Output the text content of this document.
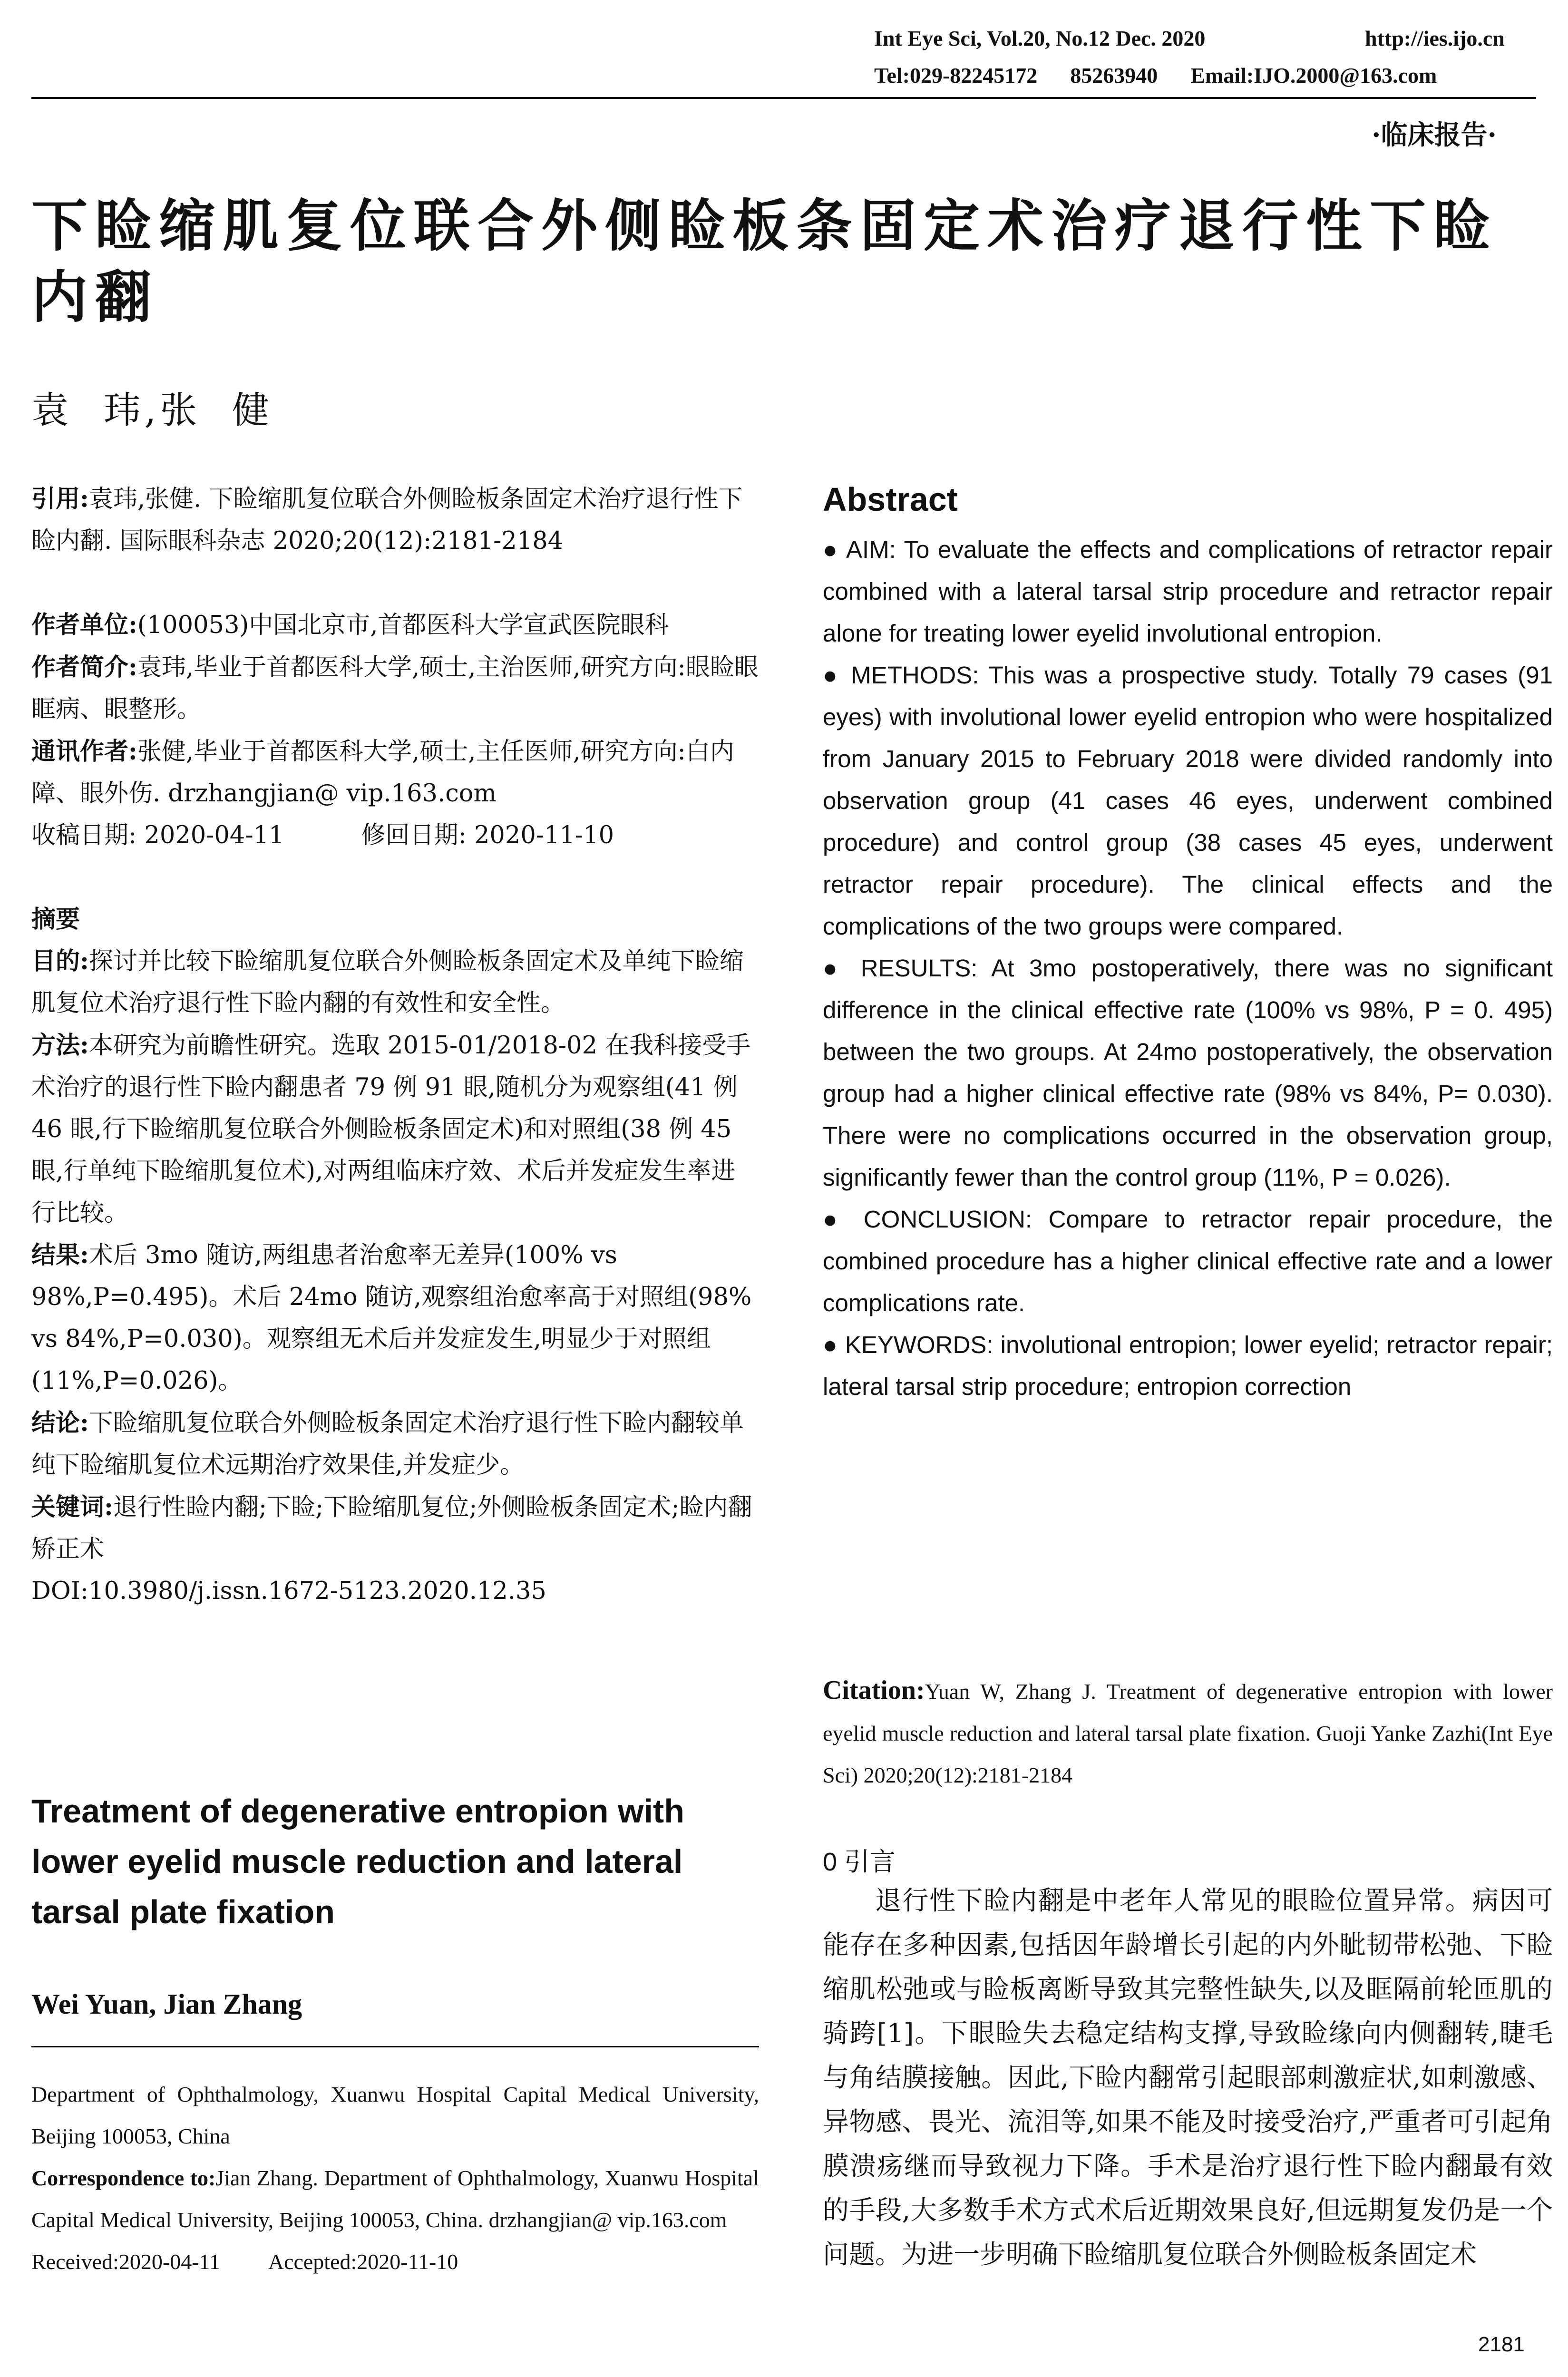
Int Eye Sci, Vol.20, No.12 Dec. 2020	http://ies.ijo.cn
Tel:029-82245172      85263940      Email:IJO.2000@163.com
·临床报告·
下睑缩肌复位联合外侧睑板条固定术治疗退行性下睑内翻
袁  玮,张  健

引用:袁玮,张健. 下睑缩肌复位联合外侧睑板条固定术治疗退行性下睑内翻. 国际眼科杂志 2020;20(12):2181-2184

作者单位:(100053)中国北京市,首都医科大学宣武医院眼科

作者简介:袁玮,毕业于首都医科大学,硕士,主治医师,研究方向:眼睑眼眶病、眼整形。

通讯作者:张健,毕业于首都医科大学,硕士,主任医师,研究方向:白内障、眼外伤. drzhangjian@ vip.163.com

收稿日期: 2020-04-11	修回日期: 2020-11-10

摘要

目的:探讨并比较下睑缩肌复位联合外侧睑板条固定术及单纯下睑缩肌复位术治疗退行性下睑内翻的有效性和安全性。

方法:本研究为前瞻性研究。选取 2015-01/2018-02 在我科接受手术治疗的退行性下睑内翻患者 79 例 91 眼,随机分为观察组(41 例 46 眼,行下睑缩肌复位联合外侧睑板条固定术)和对照组(38 例 45 眼,行单纯下睑缩肌复位术),对两组临床疗效、术后并发症发生率进行比较。

结果:术后 3mo 随访,两组患者治愈率无差异(100% vs 98%,P=0.495)。术后 24mo 随访,观察组治愈率高于对照组(98% vs 84%,P=0.030)。观察组无术后并发症发生,明显少于对照组(11%,P=0.026)。

结论:下睑缩肌复位联合外侧睑板条固定术治疗退行性下睑内翻较单纯下睑缩肌复位术远期治疗效果佳,并发症少。

关键词:退行性睑内翻;下睑;下睑缩肌复位;外侧睑板条固定术;睑内翻矫正术

DOI:10.3980/j.issn.1672-5123.2020.12.35

Treatment of degenerative entropion with lower eyelid muscle reduction and lateral tarsal plate fixation
Wei Yuan, Jian Zhang

Department of Ophthalmology, Xuanwu Hospital Capital Medical University, Beijing 100053, China

Correspondence to:Jian Zhang. Department of Ophthalmology, Xuanwu Hospital Capital Medical University, Beijing 100053, China. drzhangjian@ vip.163.com

Received:2020-04-11 Accepted:2020-11-10

Abstract

● AIM: To evaluate the effects and complications of retractor repair combined with a lateral tarsal strip procedure and retractor repair alone for treating lower eyelid involutional entropion.

● METHODS: This was a prospective study. Totally 79 cases (91 eyes) with involutional lower eyelid entropion who were hospitalized from January 2015 to February 2018 were divided randomly into observation group (41 cases 46 eyes, underwent combined procedure) and control group (38 cases 45 eyes, underwent retractor repair procedure). The clinical effects and the complications of the two groups were compared.

● RESULTS: At 3mo postoperatively, there was no significant difference in the clinical effective rate (100% vs 98%, P = 0. 495) between the two groups. At 24mo postoperatively, the observation group had a higher clinical effective rate (98% vs 84%, P= 0.030). There were no complications occurred in the observation group, significantly fewer than the control group (11%, P = 0.026).

● CONCLUSION: Compare to retractor repair procedure, the combined procedure has a higher clinical effective rate and a lower complications rate.

● KEYWORDS: involutional entropion; lower eyelid; retractor repair; lateral tarsal strip procedure; entropion correction

Citation:Yuan W, Zhang J. Treatment of degenerative entropion with lower eyelid muscle reduction and lateral tarsal plate fixation. Guoji Yanke Zazhi(Int Eye Sci) 2020;20(12):2181-2184
0 引言
退行性下睑内翻是中老年人常见的眼睑位置异常。病因可能存在多种因素,包括因年龄增长引起的内外眦韧带松弛、下睑缩肌松弛或与睑板离断导致其完整性缺失,以及眶隔前轮匝肌的骑跨[1]。下眼睑失去稳定结构支撑,导致睑缘向内侧翻转,睫毛与角结膜接触。因此,下睑内翻常引起眼部刺激症状,如刺激感、异物感、畏光、流泪等,如果不能及时接受治疗,严重者可引起角膜溃疡继而导致视力下降。手术是治疗退行性下睑内翻最有效的手段,大多数手术方式术后近期效果良好,但远期复发仍是一个问题。为进一步明确下睑缩肌复位联合外侧睑板条固定术
2181
